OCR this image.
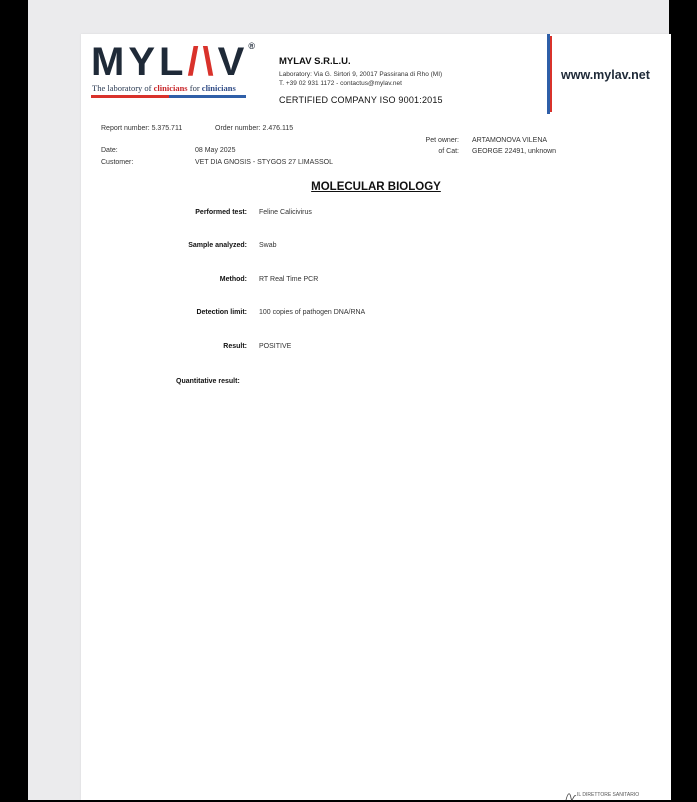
MYL/\V®
The laboratory of clinicians for clinicians
MYLAV S.R.L.U.
Laboratory: Via G. Sirtori 9, 20017 Passirana di Rho (MI)
T. +39 02 931 1172 - contactus@mylav.net
CERTIFIED COMPANY ISO 9001:2015
www.mylav.net
Report number: 5.375.711	Order number: 2.476.115
Date:	08 May 2025
Customer:	VET DIA GNOSIS - STYGOS 27 LIMASSOL
Pet owner: ARTAMONOVA VILENA
of Cat: GEORGE 22491, unknown
MOLECULAR BIOLOGY
Performed test: Feline Calicivirus
Sample analyzed: Swab
Method: RT Real Time PCR
Detection limit: 100 copies of pathogen DNA/RNA
Result: POSITIVE
Quantitative result:
IL DIRETTORE SANITARIO
